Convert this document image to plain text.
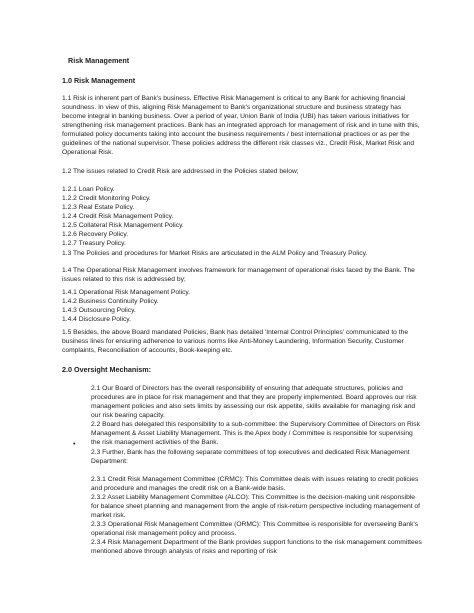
Risk Management
1.0 Risk Management
1.1 Risk is inherent part of Bank's business. Effective Risk Management is critical to any Bank for achieving financial soundness. In view of this, aligning Risk Management to Bank's organizational structure and business strategy has become integral in banking business. Over a period of year, Union Bank of India (UBI) has taken various initiatives for strengthening risk management practices. Bank has an integrated approach for management of risk and in tune with this, formulated policy documents taking into account the business requirements / best international practices or as per the guidelines of the national supervisor. These policies address the different risk classes viz., Credit Risk, Market Risk and Operational Risk.
1.2 The issues related to Credit Risk are addressed in the Policies stated below;
1.2.1 Loan Policy.
1.2.2 Credit Monitoring Policy.
1.2.3 Real Estate Policy.
1.2.4 Credit Risk Management Policy.
1.2.5 Collateral Risk Management Policy.
1.2.6 Recovery Policy.
1.2.7 Treasury Policy.
1.3 The Policies and procedures for Market Risks are articulated in the ALM Policy and Treasury Policy.
1.4 The Operational Risk Management involves framework for management of operational risks faced by the Bank. The issues related to this risk is addressed by;
1.4.1 Operational Risk Management Policy.
1.4.2 Business Continuity Policy.
1.4.3 Outsourcing Policy.
1.4.4 Disclosure Policy.
1.5 Besides, the above Board mandated Policies, Bank has detailed 'Internal Control Principles' communicated to the business lines for ensuring adherence to various norms like Anti-Money Laundering, Information Security, Customer complaints, Reconciliation of accounts, Book-keeping etc.
2.0 Oversight Mechanism:
•
2.1 Our Board of Directors has the overall responsibility of ensuring that adequate structures, policies and procedures are in place for risk management and that they are properly implemented. Board approves our risk management policies and also sets limits by assessing our risk appetite, skills available for managing risk and our risk bearing capacity.
2.2 Board has delegated this responsibility to a sub-committee: the Supervisory Committee of Directors on Risk Management & Asset Liability Management. This is the Apex body / Committee is responsible for supervising the risk management activities of the Bank.
2.3 Further, Bank has the following separate committees of top executives and dedicated Risk Management Department:
2.3.1 Credit Risk Management Committee (CRMC): This Committee deals with issues relating to credit policies and procedure and manages the credit risk on a Bank-wide basis.
2.3.2 Asset Liability Management Committee (ALCO): This Committee is the decision-making unit responsible for balance sheet planning and management from the angle of risk-return perspective including management of market risk.
2.3.3 Operational Risk Management Committee (ORMC): This Committee is responsible for overseeing Bank's operational risk management policy and process.
2.3.4 Risk Management Department of the Bank provides support functions to the risk management committees mentioned above through analysis of risks and reporting of risk
